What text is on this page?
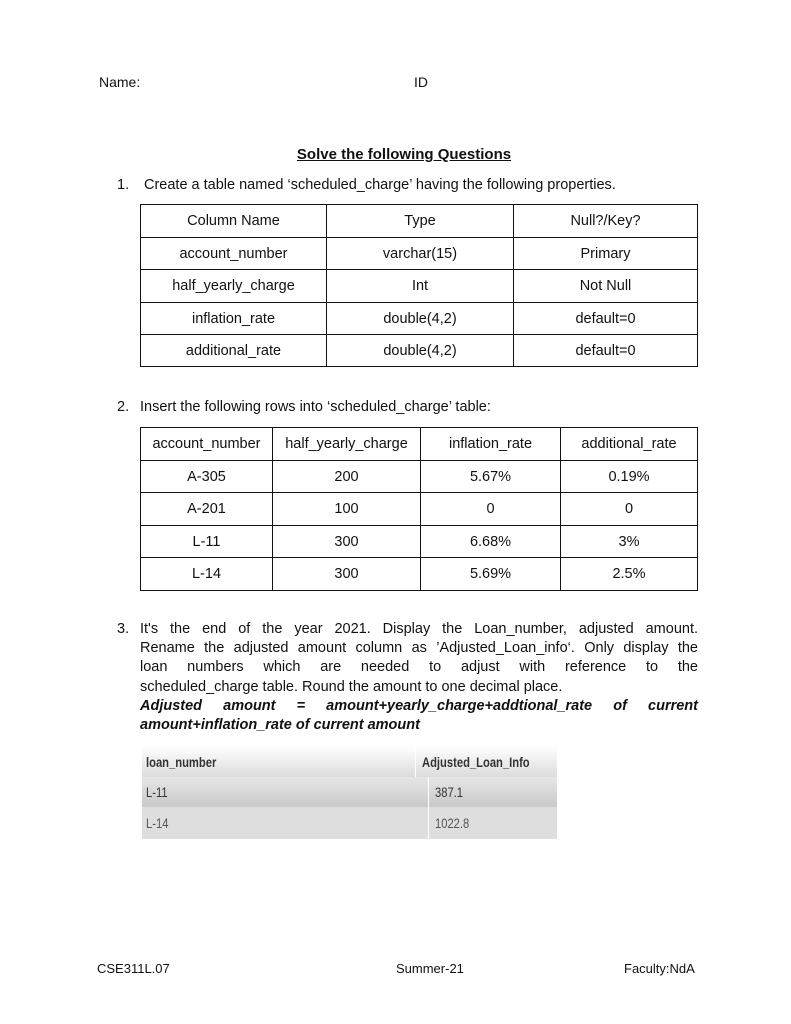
Name:	ID
Solve the following Questions
1. Create a table named ‘scheduled_charge’ having the following properties.
Column Name	Type	Null?/Key?
account_number	varchar(15)	Primary
half_yearly_charge	Int	Not Null
inflation_rate	double(4,2)	default=0
additional_rate	double(4,2)	default=0
2. Insert the following rows into ‘scheduled_charge’ table:
account_number	half_yearly_charge	inflation_rate	additional_rate
A-305	200	5.67%	0.19%
A-201	100	0	0
L-11	300	6.68%	3%
L-14	300	5.69%	2.5%
3. It's the end of the year 2021. Display the Loan_number, adjusted amount.
Rename the adjusted amount column as ’Adjusted_Loan_info‘. Only display the
loan numbers which are needed to adjust with reference to the
scheduled_charge table. Round the amount to one decimal place.
Adjusted amount = amount+yearly_charge+addtional_rate of current
amount+inflation_rate of current amount
loan_number	Adjusted_Loan_Info
L-11	387.1
L-14	1022.8
CSE311L.07	Summer-21	Faculty:NdA
